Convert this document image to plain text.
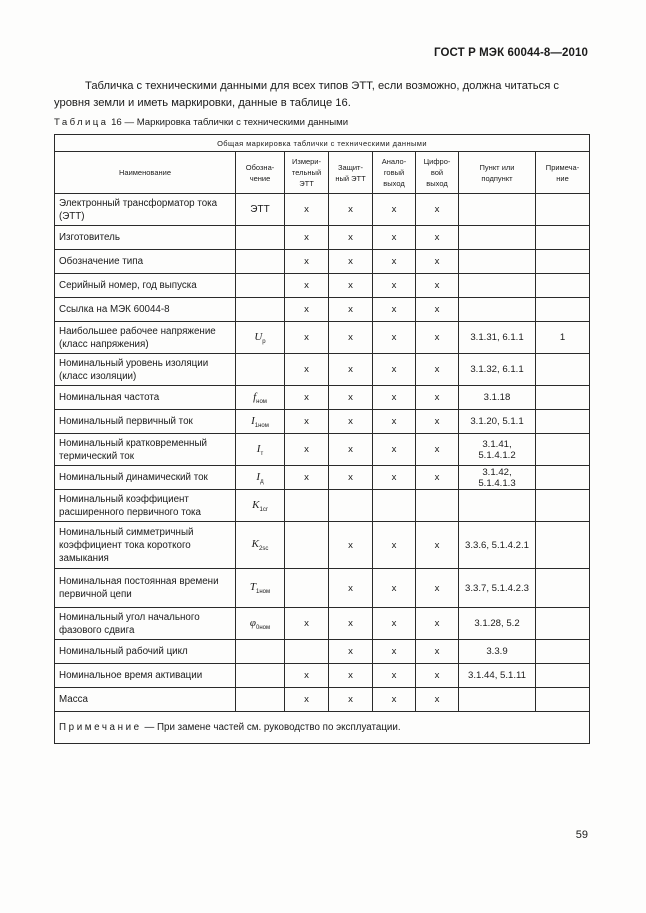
ГОСТ Р МЭК 60044-8—2010

Табличка с техническими данными для всех типов ЭТТ, если возможно, должна читаться с уровня земли и иметь маркировки, данные в таблице 16.

Таблица 16 — Маркировка таблички с техническими данными
Общая маркировка таблички с техническими данными							
Наименование	Обозна-чение	Измери-тельный ЭТТ	Защит-ный ЭТТ	Анало-говый выход	Цифро-вой выход	Пункт или подпункт	Примеча-ние
Электронный трансформатор тока (ЭТТ)	ЭТТ	x	x	x	x		
Изготовитель		x	x	x	x		
Обозначение типа		x	x	x	x		
Серийный номер, год выпуска		x	x	x	x		
Ссылка на МЭК 60044-8		x	x	x	x		
Наибольшее рабочее напряжение (класс напряжения)	$U_р$	x	x	x	x	3.1.31, 6.1.1	1
Номинальный уровень изоляции (класс изоляции)		x	x	x	x	3.1.32, 6.1.1	
Номинальная частота	$f_{ном}$	x	x	x	x	3.1.18	
Номинальный первичный ток	$I_{1ном}$	x	x	x	x	3.1.20, 5.1.1	
Номинальный кратковременный термический ток	$I_т$	x	x	x	x	3.1.41, 5.1.4.1.2	
Номинальный динамический ток	$I_д$	x	x	x	x	3.1.42, 5.1.4.1.3	
Номинальный коэффициент расширенного первичного тока	$K_{1cr}$						
Номинальный симметричный коэффициент тока короткого замыкания	$K_{2sc}$		x	x	x	3.3.6, 5.1.4.2.1	
Номинальная постоянная времени первичной цепи	$T_{1ном}$		x	x	x	3.3.7, 5.1.4.2.3	
Номинальный угол начального фазового сдвига	$\varphi_{0ном}$	x	x	x	x	3.1.28, 5.2	
Номинальный рабочий цикл			x	x	x	3.3.9	
Номинальное время активации		x	x	x	x	3.1.44, 5.1.11	
Масса		x	x	x	x		
Примечание — При замене частей см. руководство по эксплуатации.							
59
